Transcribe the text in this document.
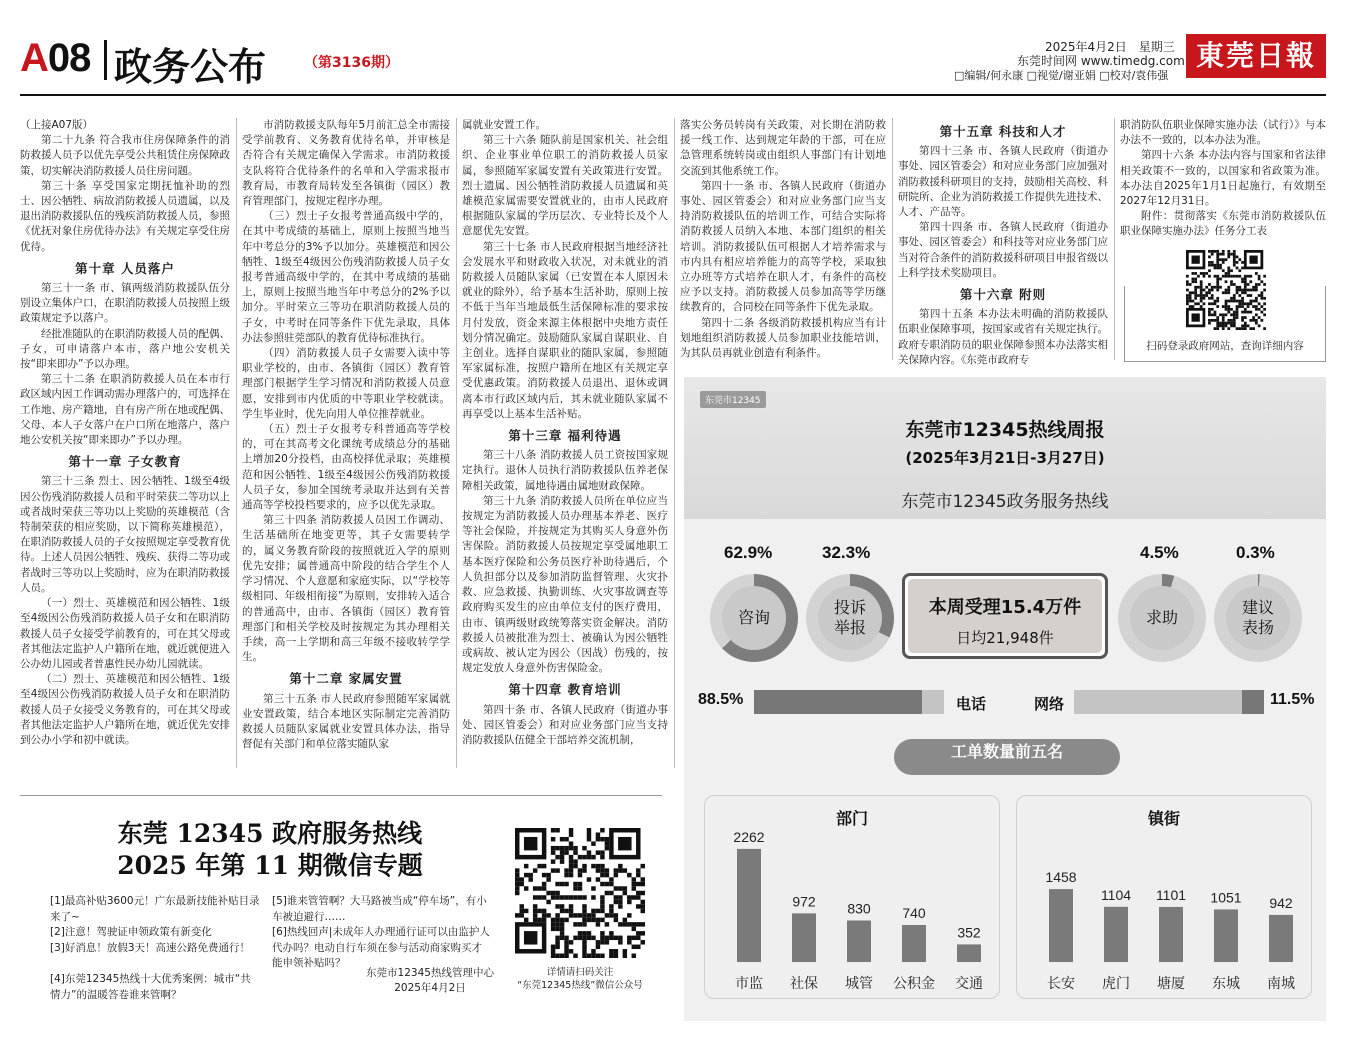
A08 政务公布	（第3136期）
2025年4月2日　星期三
东莞时间网 www.timedg.com
□编辑/何永康 □视觉/谢亚娟 □校对/袁伟强
東莞日報

（上接A07版）

第二十九条 符合我市住房保障条件的消防救援人员予以优先享受公共租赁住房保障政策，切实解决消防救援人员住房问题。

第三十条 享受国家定期抚恤补助的烈士、因公牺牲、病故消防救援人员遗属，以及退出消防救援队伍的残疾消防救援人员，参照《优抚对象住房优待办法》有关规定享受住房优待。

第十章 人员落户

第三十一条 市、镇两级消防救援队伍分别设立集体户口，在职消防救援人员按照上级政策规定予以落户。

经批准随队的在职消防救援人员的配偶、子女，可申请落户本市，落户地公安机关按“即来即办”予以办理。

第三十二条 在职消防救援人员在本市行政区域内因工作调动需办理落户的，可选择在工作地、房产籍地，自有房产所在地或配偶、父母、本人子女落户在户口所在地落户，落户地公安机关按“即来即办”予以办理。

第十一章 子女教育

第三十三条 烈士、因公牺牲、1级至4级因公伤残消防救援人员和平时荣获二等功以上或者战时荣获三等功以上奖励的英雄模范（含特制荣获的相应奖励，以下简称英雄模范），在职消防救援人员的子女按照规定享受教育优待。上述人员因公牺牲、残疾、获得二等功或者战时三等功以上奖励时，应为在职消防救援人员。

（一）烈士、英雄模范和因公牺牲、1级至4级因公伤残消防救援人员子女和在职消防救援人员子女接受学前教育的，可在其父母或者其他法定监护人户籍所在地，就近就便进入公办幼儿园或者普惠性民办幼儿园就读。

（二）烈士、英雄模范和因公牺牲、1级至4级因公伤残消防救援人员子女和在职消防救援人员子女接受义务教育的，可在其父母或者其他法定监护人户籍所在地，就近优先安排到公办小学和初中就读。

市消防救援支队每年5月前汇总全市需接受学前教育、义务教育优待名单，并审核是否符合有关规定确保入学需求。市消防救援支队将符合优待条件的名单和入学需求报市教育局，市教育局转发至各镇街（园区）教育管理部门，按规定程序办理。

（三）烈士子女报考普通高级中学的，在其中考成绩的基础上，原则上按照当地当年中考总分的3%予以加分。英雄模范和因公牺牲、1级至4级因公伤残消防救援人员子女报考普通高级中学的，在其中考成绩的基础上，原则上按照当地当年中考总分的2%予以加分。平时荣立三等功在职消防救援人员的子女，中考时在同等条件下优先录取，具体办法参照驻莞部队的教育优待标准执行。

（四）消防救援人员子女需要入读中等职业学校的，由市、各镇街（园区）教育管理部门根据学生学习情况和消防救援人员意愿，安排到市内优质的中等职业学校就读。学生毕业时，优先向用人单位推荐就业。

（五）烈士子女报考专科普通高等学校的，可在其高考文化课统考成绩总分的基础上增加20分投档，由高校择优录取；英雄模范和因公牺牲、1级至4级因公伤残消防救援人员子女，参加全国统考录取并达到有关普通高等学校投档要求的，应予以优先录取。

第三十四条 消防救援人员因工作调动、生活基础所在地变更等，其子女需要转学的，属义务教育阶段的按照就近入学的原则优先安排；属普通高中阶段的结合学生个人学习情况、个人意愿和家庭实际，以“学校等级相同、年级相衔接”为原则，安排转入适合的普通高中，由市、各镇街（园区）教育管理部门和相关学校及时按规定为其办理相关手续，高一上学期和高三年级不接收转学学生。

第十二章 家属安置

第三十五条 市人民政府参照随军家属就业安置政策，结合本地区实际制定完善消防救援人员随队家属就业安置具体办法，指导督促有关部门和单位落实随队家

属就业安置工作。

第三十六条 随队前是国家机关、社会组织、企业事业单位职工的消防救援人员家属，参照随军家属安置有关政策进行安置。烈士遗属、因公牺牲消防救援人员遗属和英雄模范家属需要安置就业的，由市人民政府根据随队家属的学历层次、专业特长及个人意愿优先安置。

第三十七条 市人民政府根据当地经济社会发展水平和财政收入状况，对未就业的消防救援人员随队家属（已安置在本人原因未就业的除外），给予基本生活补助，原则上按不低于当年当地最低生活保障标准的要求按月付发放，资金来源主体根据中央地方责任划分情况确定。鼓励随队家属自谋职业、自主创业。选择自谋职业的随队家属，参照随军家属标准，按照户籍所在地区有关规定享受优惠政策。消防救援人员退出、退休或调离本市行政区域内后，其未就业随队家属不再享受以上基本生活补贴。

第十三章 福利待遇

第三十八条 消防救援人员工资按国家规定执行。退休人员执行消防救援队伍养老保障相关政策，属地待遇由属地财政保障。

第三十九条 消防救援人员所在单位应当按规定为消防救援人员办理基本养老、医疗等社会保险，并按规定为其购买人身意外伤害保险。消防救援人员按规定享受属地职工基本医疗保险和公务员医疗补助待遇后，个人负担部分以及参加消防监督管理、火灾扑救、应急救援、执勤训练、火灾事故调查等政府购买发生的应由单位支付的医疗费用，由市、镇两级财政统筹落实资金解决。消防救援人员被批准为烈士、被确认为因公牺牲或病故、被认定为因公（因战）伤残的，按规定发放人身意外伤害保险金。

第十四章 教育培训

第四十条 市、各镇人民政府（街道办事处、园区管委会）和对应业务部门应当支持消防救援队伍健全干部培养交流机制，

落实公务员转岗有关政策，对长期在消防救援一线工作、达到规定年龄的干部，可在应急管理系统转岗或由组织人事部门有计划地交流到其他系统工作。

第四十一条 市、各镇人民政府（街道办事处、园区管委会）和对应业务部门应当支持消防救援队伍的培训工作，可结合实际将消防救援人员纳入本地、本部门组织的相关培训。消防救援队伍可根据人才培养需求与市内具有相应培养能力的高等学校，采取独立办班等方式培养在职人才，有条件的高校应予以支持。消防救援人员参加高等学历继续教育的，合同校在同等条件下优先录取。

第四十二条 各级消防救援机构应当有计划地组织消防救援人员参加职业技能培训，为其队员再就业创造有利条件。

第十五章 科技和人才

第四十三条 市、各镇人民政府（街道办事处、园区管委会）和对应业务部门应加强对消防救援科研项目的支持，鼓励相关高校、科研院所、企业为消防救援工作提供先进技术、人才、产品等。

第四十四条 市、各镇人民政府（街道办事处、园区管委会）和科技等对应业务部门应当对符合条件的消防救援科研项目申报省级以上科学技术奖励项目。

第十六章 附则

第四十五条 本办法未明确的消防救援队伍职业保障事项，按国家或省有关规定执行。政府专职消防员的职业保障参照本办法落实相关保障内容。《东莞市政府专

职消防队伍职业保障实施办法（试行）》与本办法不一致的，以本办法为准。

第四十六条 本办法内容与国家和省法律相关政策不一致的，以国家和省政策为准。本办法自2025年1月1日起施行，有效期至2027年12月31日。

附件：贯彻落实《东莞市消防救援队伍职业保障实施办法》任务分工表

扫码登录政府网站，查询详细内容
东莞 12345 政府服务热线
2025 年第 11 期微信专题
[1]最高补贴3600元！广东最新技能补贴目录来了~
[2]注意！驾驶证申领政策有新变化
[3]好消息！放假3天！高速公路免费通行！
[4]东莞12345热线十大优秀案例：城市“共情力”的温暖答卷谁来管啊？
[5]谁来管管啊？大马路被当成“停车场”，有小车被迫避行……
[6]热线回声|未成年人办理通行证可以由监护人代办吗？电动自行车须在参与活动商家购买才能申领补贴吗？
东莞市12345热线管理中心
2025年4月2日
详情请扫码关注
“东莞12345热线”微信公众号
东莞市12345
东莞市12345热线周报
(2025年3月21日-3月27日)
东莞市12345政务服务热线
62.9%	32.3%	4.5%	0.3%
咨询
投诉
举报
本周受理15.4万件
日均21,948件
求助
建议
表扬
88.5%	电话	网络	11.5%
工单数量前五名
部门
2262
市监
972
社保
830
城管
740
公积金
352
交通
镇街
1458
长安
1104
虎门
1101
塘厦
1051
东城
942
南城
